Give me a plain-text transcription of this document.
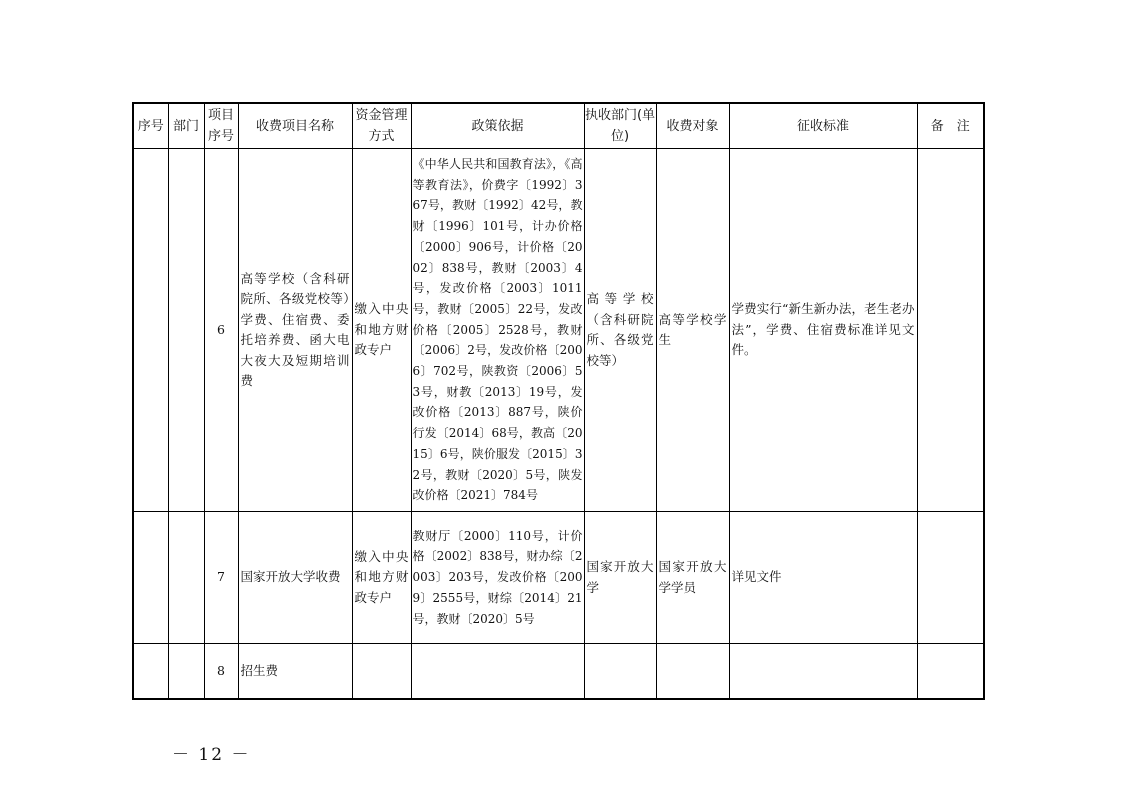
序号	部门	项目序号	收费项目名称	资金管理方式	政策依据	执收部门(单位)	收费对象	征收标准	备　注
		6	高等学校（含科研院所、各级党校等）学费、住宿费、委托培养费、函大电大夜大及短期培训费	缴入中央和地方财政专户	《中华人民共和国教育法》，《高等教育法》，价费字〔1992〕367号，教财〔1992〕42号，教财〔1996〕101号，计办价格〔2000〕906号，计价格〔2002〕838号，教财〔2003〕4号，发改价格〔2003〕1011号，教财〔2005〕22号，发改价格〔2005〕2528号，教财〔2006〕2号，发改价格〔2006〕702号，陕教资〔2006〕53号，财教〔2013〕19号，发改价格〔2013〕887号，陕价行发〔2014〕68号，教高〔2015〕6号，陕价服发〔2015〕32号，教财〔2020〕5号，陕发改价格〔2021〕784号	高等学校（含科研院所、各级党校等）	高等学校学生	学费实行“新生新办法，老生老办法”，学费、住宿费标准详见文件。	
		7	国家开放大学收费	缴入中央和地方财政专户	教财厅〔2000〕110号，计价格〔2002〕838号，财办综〔2003〕203号，发改价格〔2009〕2555号，财综〔2014〕21号，教财〔2020〕5号	国家开放大学	国家开放大学学员	详见文件	
		8	招生费						
－ 12 －
